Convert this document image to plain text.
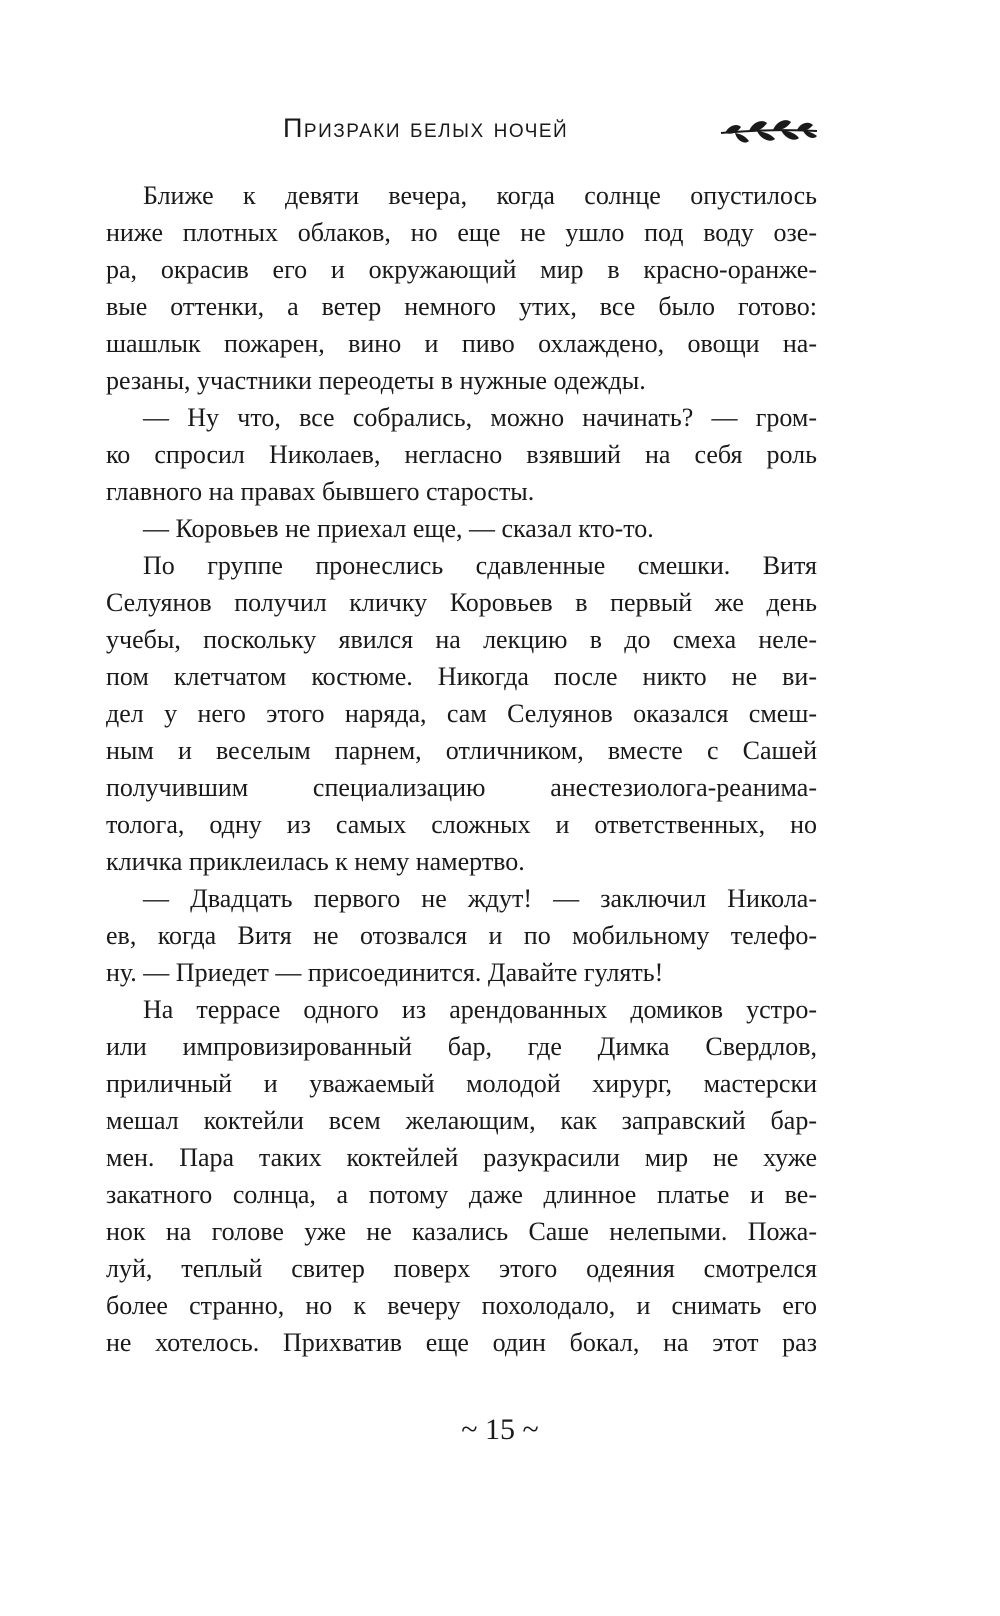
Призраки белых ночей
Ближе к девяти вечера, когда солнце опустилось
ниже плотных облаков, но еще не ушло под воду озе-
ра, окрасив его и окружающий мир в красно-оранже-
вые оттенки, а ветер немного утих, все было готово:
шашлык пожарен, вино и пиво охлаждено, овощи на-
резаны, участники переодеты в нужные одежды.
— Ну что, все собрались, можно начинать? — гром-
ко спросил Николаев, негласно взявший на себя роль
главного на правах бывшего старосты.
— Коровьев не приехал еще, — сказал кто-то.
По группе пронеслись сдавленные смешки. Витя
Селуянов получил кличку Коровьев в первый же день
учебы, поскольку явился на лекцию в до смеха неле-
пом клетчатом костюме. Никогда после никто не ви-
дел у него этого наряда, сам Селуянов оказался смеш-
ным и веселым парнем, отличником, вместе с Сашей
получившим специализацию анестезиолога-реанима-
толога, одну из самых сложных и ответственных, но
кличка приклеилась к нему намертво.
— Двадцать первого не ждут! — заключил Николa-
ев, когда Витя не отозвался и по мобильному телефо-
ну. — Приедет — присоединится. Давайте гулять!
На террасе одного из арендованных домиков устро-
или импровизированный бар, где Димка Свердлов,
приличный и уважаемый молодой хирург, мастерски
мешал коктейли всем желающим, как заправский бар-
мен. Пара таких коктейлей разукрасили мир не хуже
закатного солнца, а потому даже длинное платье и ве-
нок на голове уже не казались Саше нелепыми. Пожа-
луй, теплый свитер поверх этого одеяния смотрелся
более странно, но к вечеру похолодало, и снимать его
не хотелось. Прихватив еще один бокал, на этот раз
~ 15 ~
